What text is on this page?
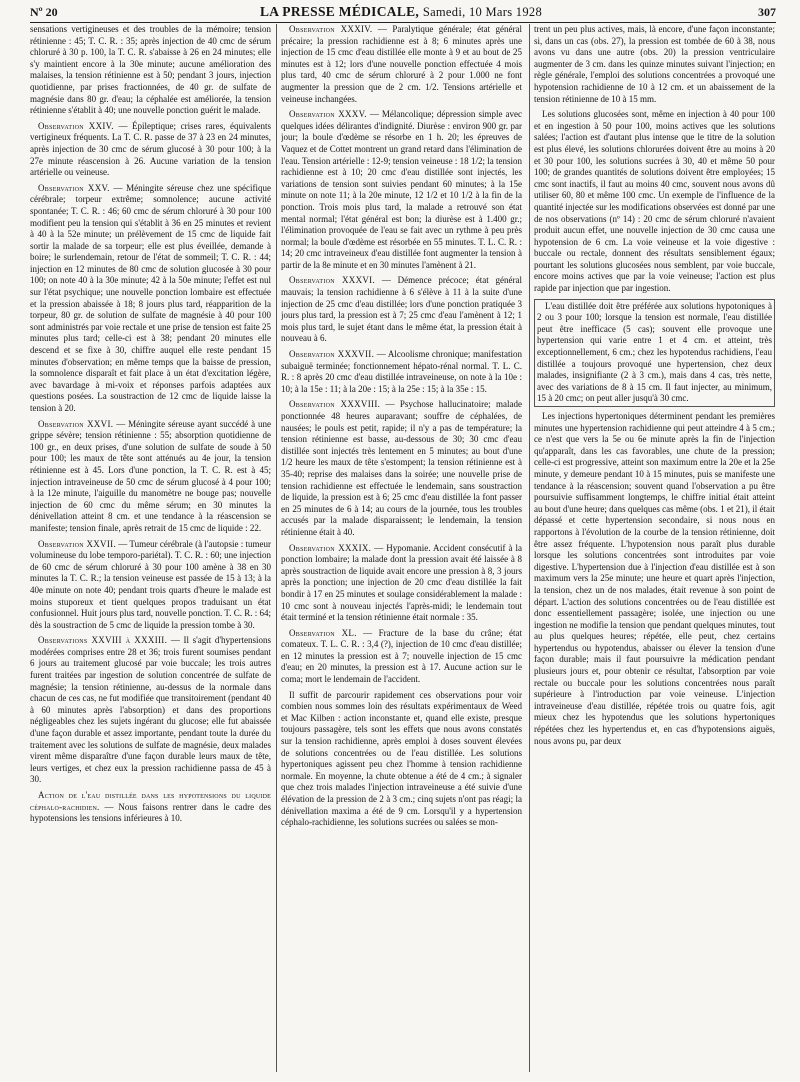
Nº 20	LA PRESSE MÉDICALE, Samedi, 10 Mars 1928	307

sensations vertigineuses et des troubles de la mémoire; tension rétinienne : 45; T. C. R. : 35; après injection de 40 cmc de sérum chloruré à 30 p. 100, la T. C. R. s'abaisse à 26 en 24 minutes; elle s'y maintient encore à la 30e minute; aucune amélioration des malaises, la tension rétinienne est à 50; pendant 3 jours, injection quotidienne, par prises fractionnées, de 40 gr. de sulfate de magnésie dans 80 gr. d'eau; la céphalée est améliorée, la tension rétinienne s'établit à 40; une nouvelle ponction guérit le malade.

Observation XXIV. — Épileptique; crises rares, équivalents vertigineux fréquents. La T. C. R. passe de 37 à 23 en 24 minutes, après injection de 30 cmc de sérum glucosé à 30 pour 100; à la 27e minute réascension à 26. Aucune variation de la tension artérielle ou veineuse.

Observation XXV. — Méningite séreuse chez une spécifique cérébrale; torpeur extrême; somnolence; aucune activité spontanée; T. C. R. : 46; 60 cmc de sérum chloruré à 30 pour 100 modifient peu la tension qui s'établit à 36 en 25 minutes et revient à 40 à la 52e minute; un prélèvement de 15 cmc de liquide fait sortir la malade de sa torpeur; elle est plus éveillée, demande à boire; le surlendemain, retour de l'état de sommeil; T. C. R. : 44; injection en 12 minutes de 80 cmc de solution glucosée à 30 pour 100; on note 40 à la 30e minute; 42 à la 50e minute; l'effet est nul sur l'état psychique; une nouvelle ponction lombaire est effectuée et la pression abaissée à 18; 8 jours plus tard, réapparition de la torpeur, 80 gr. de solution de sulfate de magnésie à 40 pour 100 sont administrés par voie rectale et une prise de tension est faite 25 minutes plus tard; celle-ci est à 38; pendant 20 minutes elle descend et se fixe à 30, chiffre auquel elle reste pendant 15 minutes d'observation; en même temps que la baisse de pression, la somnolence disparaît et fait place à un état d'excitation légère, avec bavardage à mi-voix et réponses parfois adaptées aux questions posées. La soustraction de 12 cmc de liquide laisse la tension à 20.

Observation XXVI. — Méningite séreuse ayant succédé à une grippe sévère; tension rétinienne : 55; absorption quotidienne de 100 gr., en deux prises, d'une solution de sulfate de soude à 50 pour 100; les maux de tête sont atténués au 4e jour, la tension rétinienne est à 45. Lors d'une ponction, la T. C. R. est à 45; injection intraveineuse de 50 cmc de sérum glucosé à 4 pour 100; à la 12e minute, l'aiguille du manomètre ne bouge pas; nouvelle injection de 60 cmc du même sérum; en 30 minutes la dénivellation atteint 8 cm. et une tendance à la réascension se manifeste; tension finale, après retrait de 15 cmc de liquide : 22.

Observation XXVII. — Tumeur cérébrale (à l'autopsie : tumeur volumineuse du lobe temporo-pariétal). T. C. R. : 60; une injection de 60 cmc de sérum chloruré à 30 pour 100 amène à 38 en 30 minutes la T. C. R.; la tension veineuse est passée de 15 à 13; à la 40e minute on note 40; pendant trois quarts d'heure le malade est moins stuporeux et tient quelques propos traduisant un état confusionnel. Huit jours plus tard, nouvelle ponction. T. C. R. : 64; dès la soustraction de 5 cmc de liquide la pression tombe à 30.

Observations XXVIII à XXXIII. — Il s'agit d'hypertensions modérées comprises entre 28 et 36; trois furent soumises pendant 6 jours au traitement glucosé par voie buccale; les trois autres furent traitées par ingestion de solution concentrée de sulfate de magnésie; la tension rétinienne, au-dessus de la normale dans chacun de ces cas, ne fut modifiée que transitoirement (pendant 40 à 60 minutes après l'absorption) et dans des proportions négligeables chez les sujets ingérant du glucose; elle fut abaissée d'une façon durable et assez importante, pendant toute la durée du traitement avec les solutions de sulfate de magnésie, deux malades virent même disparaître d'une façon durable leurs maux de tête, leurs vertiges, et chez eux la pression rachidienne passa de 45 à 30.

Action de l'eau distillée dans les hypotensions du liquide céphalo-rachidien. — Nous faisons rentrer dans le cadre des hypotensions les tensions inférieures à 10.

Observation XXXIV. — Paralytique générale; état général précaire; la pression rachidienne est à 8; 6 minutes après une injection de 15 cmc d'eau distillée elle monte à 9 et au bout de 25 minutes est à 12; lors d'une nouvelle ponction effectuée 4 mois plus tard, 40 cmc de sérum chloruré à 2 pour 1.000 ne font augmenter la pression que de 2 cm. 1/2. Tensions artérielle et veineuse inchangées.

Observation XXXV. — Mélancolique; dépression simple avec quelques idées délirantes d'indignité. Diurèse : environ 900 gr. par jour; la boule d'œdème se résorbe en 1 h. 20; les épreuves de Vaquez et de Cottet montrent un grand retard dans l'élimination de l'eau. Tension artérielle : 12-9; tension veineuse : 18 1/2; la tension rachidienne est à 10; 20 cmc d'eau distillée sont injectés, les variations de tension sont suivies pendant 60 minutes; à la 15e minute on note 11; à la 20e minute, 12 1/2 et 10 1/2 à la fin de la ponction. Trois mois plus tard, la malade a retrouvé son état mental normal; l'état général est bon; la diurèse est à 1.400 gr.; l'élimination provoquée de l'eau se fait avec un rythme à peu près normal; la boule d'œdème est résorbée en 55 minutes. T. L. C. R. : 14; 20 cmc intraveineux d'eau distillée font augmenter la tension à partir de la 8e minute et en 30 minutes l'amènent à 21.

Observation XXXVI. — Démence précoce; état général mauvais; la tension rachidienne à 6 s'élève à 11 à la suite d'une injection de 25 cmc d'eau distillée; lors d'une ponction pratiquée 3 jours plus tard, la pression est à 7; 25 cmc d'eau l'amènent à 12; 1 mois plus tard, le sujet étant dans le même état, la pression était à nouveau à 6.

Observation XXXVII. — Alcoolisme chronique; manifestation subaiguë terminée; fonctionnement hépato-rénal normal. T. L. C. R. : 8 après 20 cmc d'eau distillée intraveineuse, on note à la 10e : 10; à la 15e : 11; à la 20e : 15; à la 25e : 15; à la 35e : 15.

Observation XXXVIII. — Psychose hallucinatoire; malade ponctionnée 48 heures auparavant; souffre de céphalées, de nausées; le pouls est petit, rapide; il n'y a pas de température; la tension rétinienne est basse, au-dessous de 30; 30 cmc d'eau distillée sont injectés très lentement en 5 minutes; au bout d'une 1/2 heure les maux de tête s'estompent; la tension rétinienne est à 35-40; reprise des malaises dans la soirée; une nouvelle prise de tension rachidienne est effectuée le lendemain, sans soustraction de liquide, la pression est à 6; 25 cmc d'eau distillée la font passer en 25 minutes de 6 à 14; au cours de la journée, tous les troubles accusés par la malade disparaissent; le lendemain, la tension rétinienne était à 40.

Observation XXXIX. — Hypomanie. Accident consécutif à la ponction lombaire; la malade dont la pression avait été laissée à 8 après soustraction de liquide avait encore une pression à 8, 3 jours après la ponction; une injection de 20 cmc d'eau distillée la fait bondir à 17 en 25 minutes et soulage considérablement la malade : 10 cmc sont à nouveau injectés l'après-midi; le lendemain tout était terminé et la tension rétinienne était normale : 35.

Observation XL. — Fracture de la base du crâne; état comateux. T. L. C. R. : 3,4 (?), injection de 10 cmc d'eau distillée; en 12 minutes la pression est à 7; nouvelle injection de 15 cmc d'eau; en 20 minutes, la pression est à 17. Aucune action sur le coma; mort le lendemain de l'accident.

Il suffit de parcourir rapidement ces observations pour voir combien nous sommes loin des résultats expérimentaux de Weed et Mac Kilben : action inconstante et, quand elle existe, presque toujours passagère, tels sont les effets que nous avons constatés sur la tension rachidienne, après emploi à doses souvent élevées de solutions concentrées ou de l'eau distillée. Les solutions hypertoniques agissent peu chez l'homme à tension rachidienne normale. En moyenne, la chute obtenue a été de 4 cm.; à signaler que chez trois malades l'injection intraveineuse a été suivie d'une élévation de la pression de 2 à 3 cm.; cinq sujets n'ont pas réagi; la dénivellation maxima a été de 9 cm. Lorsqu'il y a hypertension céphalo-rachidienne, les solutions sucrées ou salées se mon-

trent un peu plus actives, mais, là encore, d'une façon inconstante; si, dans un cas (obs. 27), la pression est tombée de 60 à 38, nous avons vu dans une autre (obs. 20) la pression ventriculaire augmenter de 3 cm. dans les quinze minutes suivant l'injection; en règle générale, l'emploi des solutions concentrées a provoqué une hypotension rachidienne de 10 à 12 cm. et un abaissement de la tension rétinienne de 10 à 15 mm.

Les solutions glucosées sont, même en injection à 40 pour 100 et en ingestion à 50 pour 100, moins actives que les solutions salées; l'action est d'autant plus intense que le titre de la solution est plus élevé, les solutions chlorurées doivent être au moins à 20 et 30 pour 100, les solutions sucrées à 30, 40 et même 50 pour 100; de grandes quantités de solutions doivent être employées; 15 cmc sont inactifs, il faut au moins 40 cmc, souvent nous avons dû utiliser 60, 80 et même 100 cmc. Un exemple de l'influence de la quantité injectée sur les modifications observées est donné par une de nos observations (nº 14) : 20 cmc de sérum chloruré n'avaient produit aucun effet, une nouvelle injection de 30 cmc causa une hypotension de 6 cm. La voie veineuse et la voie digestive : buccale ou rectale, donnent des résultats sensiblement égaux; pourtant les solutions glucosées nous semblent, par voie buccale, encore moins actives que par la voie veineuse; l'action est plus rapide par injection que par ingestion.

L'eau distillée doit être préférée aux solutions hypotoniques à 2 ou 3 pour 100; lorsque la tension est normale, l'eau distillée peut être inefficace (5 cas); souvent elle provoque une hypertension qui varie entre 1 et 4 cm. et atteint, très exceptionnellement, 6 cm.; chez les hypotendus rachidiens, l'eau distillée a toujours provoqué une hypertension, chez deux malades, insignifiante (2 à 3 cm.), mais dans 4 cas, très nette, avec des variations de 8 à 15 cm. Il faut injecter, au minimum, 15 à 20 cmc; on peut aller jusqu'à 30 cmc.

Les injections hypertoniques déterminent pendant les premières minutes une hypertension rachidienne qui peut atteindre 4 à 5 cm.; ce n'est que vers la 5e ou 6e minute après la fin de l'injection qu'apparaît, dans les cas favorables, une chute de la pression; celle-ci est progressive, atteint son maximum entre la 20e et la 25e minute, y demeure pendant 10 à 15 minutes, puis se manifeste une tendance à la réascension; souvent quand l'observation a pu être poursuivie suffisamment longtemps, le chiffre initial était atteint au bout d'une heure; dans quelques cas même (obs. 1 et 21), il était dépassé et cette hypertension secondaire, si nous nous en rapportons à l'évolution de la courbe de la tension rétinienne, doit être assez fréquente. L'hypotension nous paraît plus durable lorsque les solutions concentrées sont introduites par voie digestive. L'hypertension due à l'injection d'eau distillée est à son maximum vers la 25e minute; une heure et quart après l'injection, la tension, chez un de nos malades, était revenue à son point de départ. L'action des solutions concentrées ou de l'eau distillée est donc essentiellement passagère; isolée, une injection ou une ingestion ne modifie la tension que pendant quelques minutes, tout au plus quelques heures; répétée, elle peut, chez certains hypertendus ou hypotendus, abaisser ou élever la tension d'une façon durable; mais il faut poursuivre la médication pendant plusieurs jours et, pour obtenir ce résultat, l'absorption par voie rectale ou buccale pour les solutions concentrées nous paraît supérieure à l'introduction par voie veineuse. L'injection intraveineuse d'eau distillée, répétée trois ou quatre fois, agit mieux chez les hypotendus que les solutions hypertoniques répétées chez les hypertendus et, en cas d'hypotensions aiguës, nous avons pu, par deux
